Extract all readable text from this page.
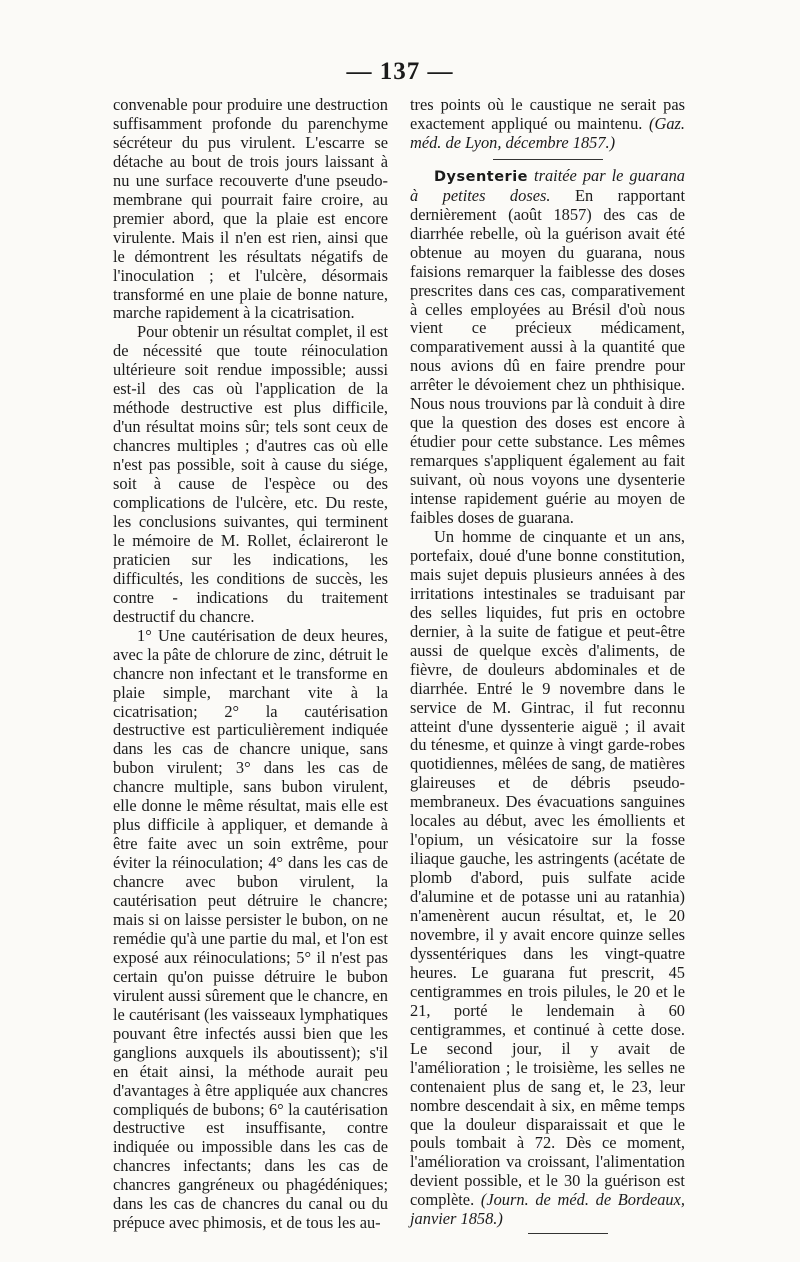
— 137 —

convenable pour produire une destruction suffisamment profonde du parenchyme sécréteur du pus virulent. L'escarre se détache au bout de trois jours laissant à nu une surface recouverte d'une pseudo-membrane qui pourrait faire croire, au premier abord, que la plaie est encore virulente. Mais il n'en est rien, ainsi que le démontrent les résultats négatifs de l'inoculation ; et l'ulcère, désormais transformé en une plaie de bonne nature, marche rapidement à la cicatrisation.

Pour obtenir un résultat complet, il est de nécessité que toute réinoculation ultérieure soit rendue impossible; aussi est-il des cas où l'application de la méthode destructive est plus difficile, d'un résultat moins sûr; tels sont ceux de chancres multiples ; d'autres cas où elle n'est pas possible, soit à cause du siége, soit à cause de l'espèce ou des complications de l'ulcère, etc. Du reste, les conclusions suivantes, qui terminent le mémoire de M. Rollet, éclaireront le praticien sur les indications, les difficultés, les conditions de succès, les contre - indications du traitement destructif du chancre.

1° Une cautérisation de deux heures, avec la pâte de chlorure de zinc, détruit le chancre non infectant et le transforme en plaie simple, marchant vite à la cicatrisation; 2° la cautérisation destructive est particulièrement indiquée dans les cas de chancre unique, sans bubon virulent; 3° dans les cas de chancre multiple, sans bubon virulent, elle donne le même résultat, mais elle est plus difficile à appliquer, et demande à être faite avec un soin extrême, pour éviter la réinoculation; 4° dans les cas de chancre avec bubon virulent, la cautérisation peut détruire le chancre; mais si on laisse persister le bubon, on ne remédie qu'à une partie du mal, et l'on est exposé aux réinoculations; 5° il n'est pas certain qu'on puisse détruire le bubon virulent aussi sûrement que le chancre, en le cautérisant (les vaisseaux lymphatiques pouvant être infectés aussi bien que les ganglions auxquels ils aboutissent); s'il en était ainsi, la méthode aurait peu d'avantages à être appliquée aux chancres compliqués de bubons; 6° la cautérisation destructive est insuffisante, contre indiquée ou impossible dans les cas de chancres infectants; dans les cas de chancres gangréneux ou phagédéniques; dans les cas de chancres du canal ou du prépuce avec phimosis, et de tous les au-

tres points où le caustique ne serait pas exactement appliqué ou maintenu. (Gaz. méd. de Lyon, décembre 1857.)

Dysenterie traitée par le guarana à petites doses. En rapportant dernièrement (août 1857) des cas de diarrhée rebelle, où la guérison avait été obtenue au moyen du guarana, nous faisions remarquer la faiblesse des doses prescrites dans ces cas, comparativement à celles employées au Brésil d'où nous vient ce précieux médicament, comparativement aussi à la quantité que nous avions dû en faire prendre pour arrêter le dévoiement chez un phthisique. Nous nous trouvions par là conduit à dire que la question des doses est encore à étudier pour cette substance. Les mêmes remarques s'appliquent également au fait suivant, où nous voyons une dysenterie intense rapidement guérie au moyen de faibles doses de guarana.

Un homme de cinquante et un ans, portefaix, doué d'une bonne constitution, mais sujet depuis plusieurs années à des irritations intestinales se traduisant par des selles liquides, fut pris en octobre dernier, à la suite de fatigue et peut-être aussi de quelque excès d'aliments, de fièvre, de douleurs abdominales et de diarrhée. Entré le 9 novembre dans le service de M. Gintrac, il fut reconnu atteint d'une dyssenterie aiguë ; il avait du ténesme, et quinze à vingt garde-robes quotidiennes, mêlées de sang, de matières glaireuses et de débris pseudo-membraneux. Des évacuations sanguines locales au début, avec les émollients et l'opium, un vésicatoire sur la fosse iliaque gauche, les astringents (acétate de plomb d'abord, puis sulfate acide d'alumine et de potasse uni au ratanhia) n'amenèrent aucun résultat, et, le 20 novembre, il y avait encore quinze selles dyssentériques dans les vingt-quatre heures. Le guarana fut prescrit, 45 centigrammes en trois pilules, le 20 et le 21, porté le lendemain à 60 centigrammes, et continué à cette dose. Le second jour, il y avait de l'amélioration ; le troisième, les selles ne contenaient plus de sang et, le 23, leur nombre descendait à six, en même temps que la douleur disparaissait et que le pouls tombait à 72. Dès ce moment, l'amélioration va croissant, l'alimentation devient possible, et le 30 la guérison est complète. (Journ. de méd. de Bordeaux, janvier 1858.)
